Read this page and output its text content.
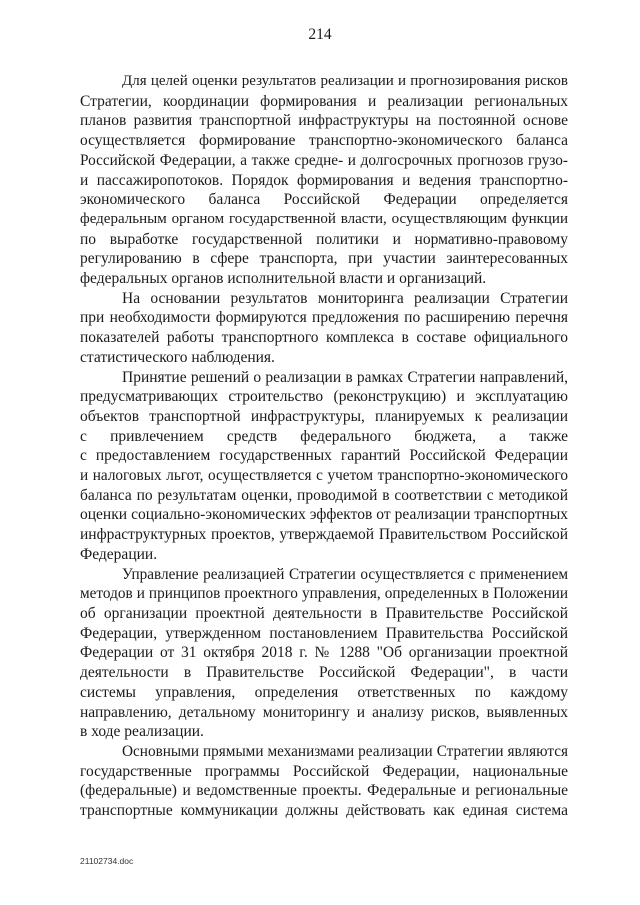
214

Для целей оценки результатов реализации и прогнозирования рисков
Стратегии, координации формирования и реализации региональных
планов развития транспортной инфраструктуры на постоянной основе
осуществляется формирование транспортно-экономического баланса
Российской Федерации, а также средне- и долгосрочных прогнозов грузо-
и пассажиропотоков. Порядок формирования и ведения транспортно-
экономического баланса Российской Федерации определяется
федеральным органом государственной власти, осуществляющим функции
по выработке государственной политики и нормативно-правовому
регулированию в сфере транспорта, при участии заинтересованных
федеральных органов исполнительной власти и организаций.

На основании результатов мониторинга реализации Стратегии
при необходимости формируются предложения по расширению перечня
показателей работы транспортного комплекса в составе официального
статистического наблюдения.

Принятие решений о реализации в рамках Стратегии направлений,
предусматривающих строительство (реконструкцию) и эксплуатацию
объектов транспортной инфраструктуры, планируемых к реализации
с привлечением средств федерального бюджета, а также
с предоставлением государственных гарантий Российской Федерации
и налоговых льгот, осуществляется с учетом транспортно-экономического
баланса по результатам оценки, проводимой в соответствии с методикой
оценки социально-экономических эффектов от реализации транспортных
инфраструктурных проектов, утверждаемой Правительством Российской
Федерации.

Управление реализацией Стратегии осуществляется с применением
методов и принципов проектного управления, определенных в Положении
об организации проектной деятельности в Правительстве Российской
Федерации, утвержденном постановлением Правительства Российской
Федерации от 31 октября 2018 г. № 1288 "Об организации проектной
деятельности в Правительстве Российской Федерации", в части
системы управления, определения ответственных по каждому
направлению, детальному мониторингу и анализу рисков, выявленных
в ходе реализации.

Основными прямыми механизмами реализации Стратегии являются
государственные программы Российской Федерации, национальные
(федеральные) и ведомственные проекты. Федеральные и региональные
транспортные коммуникации должны действовать как единая система

21102734.doc
